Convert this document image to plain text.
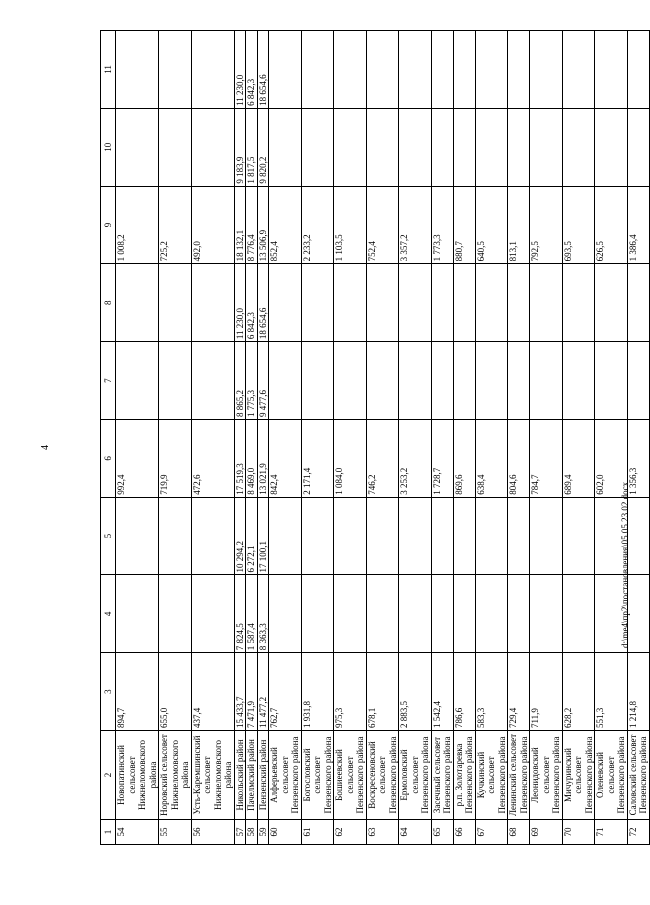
4
d:\me4\пр2\постановления\05.05.23.02.docx
1	2	3	4	5	6	7	8	9	10	11
54	Новопатинский сельсовет Нижнеломовского района	894,7			992,4			1 008,2		
55	Норовский сельсовет Нижнеломовского района	655,0			719,9			725,2		
56	Усть-Каремшинский сельсовет Нижнеломовского района	437,4			472,6			492,0		
57	Никольский район	15 433,7	7 824,5	10 294,2	17 519,3	8 865,2	11 230,0	18 132,1	9 183,9	11 230,0
58	Пачелмский район	7 471,9	1 587,4	6 272,1	8 469,0	1 775,3	6 842,3	8 776,4	1 817,5	6 842,3
59	Пензенский район	11 477,2	8 363,3	17 100,1	13 021,9	9 477,6	18 654,6	13 506,9	9 820,2	18 654,6
60	Алферьевский сельсовет Пензенского района	762,7			842,4			852,4		
61	Богословский сельсовет Пензенского района	1 931,8			2 171,4			2 233,2		
62	Бошиеевский сельсовет Пензенского района	975,3			1 084,0			1 103,5		
63	Воскресеновский сельсовет Пензенского района	678,1			746,2			752,4		
64	Ермоловский сельсовет Пензенского района	2 883,5			3 253,2			3 357,2		
65	Засечный сельсовет Пензенского района	1 542,4			1 728,7			1 773,3		
66	р.п. Золотаревка Пензенского района	786,6			869,6			880,7		
67	Кучкинский сельсовет Пензенского района	583,3			638,4			640,5		
68	Ленинский сельсовет Пензенского района	729,4			804,6			813,1		
69	Леонидовский сельсовет Пензенского района	711,9			784,7			792,5		
70	Мичуринский сельсовет Пензенского района	628,2			689,4			693,5		
71	Оленевский сельсовет Пензенского района	551,3			602,0			626,5		
72	Саловский сельсовет Пензенского района	1 214,8			1 356,3			1 386,4		
